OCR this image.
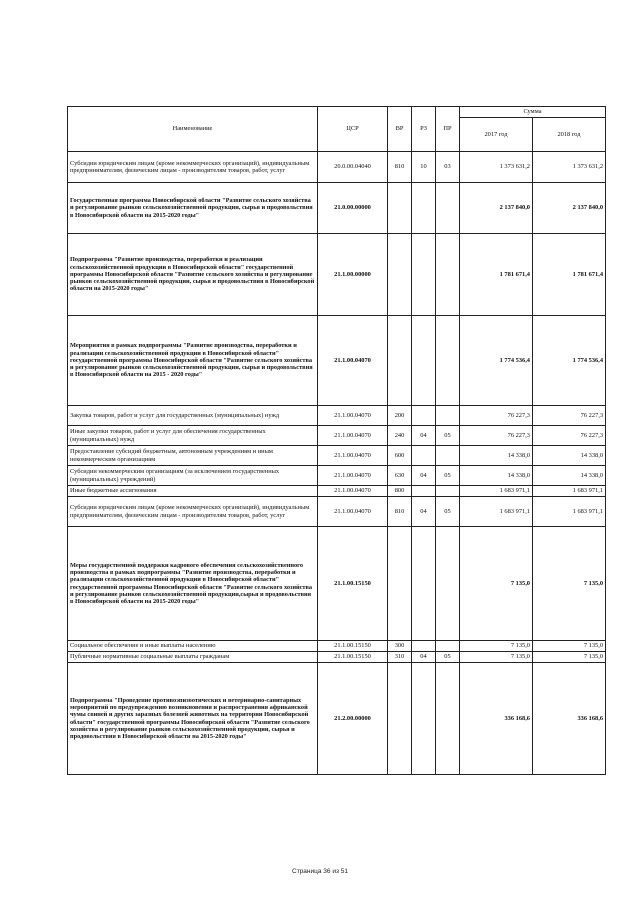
Наименование	ЦСР	ВР	РЗ	ПР	Сумма	
					2017 год	2018 год
Субсидии юридическим лицам (кроме некоммерческих организаций), индивидуальным предпринимателям, физическим лицам - производителям товаров, работ, услуг	20.0.00.04040	810	10	03	1 373 631,2	1 373 631,2
Государственная программа Новосибирской области "Развитие сельского хозяйства и регулирование рынков сельскохозяйственной продукции, сырья и продовольствия в Новосибирской области на 2015-2020 годы"	21.0.00.00000				2 137 840,0	2 137 840,0
Подпрограмма "Развитие производства, переработки и реализации сельскохозяйственной продукции в Новосибирской области" государственной программы Новосибирской области "Развитие сельского хозяйства и регулирование рынков сельскохозяйственной продукции, сырья и продовольствия в Новосибирской области на 2015-2020 годы"	21.1.00.00000				1 781 671,4	1 781 671,4
Мероприятия в рамках подпрограммы "Развитие производства, переработки и реализации сельскохозяйственной продукции в Новосибирской области" государственной программы Новосибирской области "Развитие сельского хозяйства и регулирование рынков сельскохозяйственной продукции, сырья и продовольствия в Новосибирской области на 2015 - 2020 годы"	21.1.00.04070				1 774 536,4	1 774 536,4
Закупка товаров, работ и услуг для государственных (муниципальных) нужд	21.1.00.04070	200			76 227,3	76 227,3
Иные закупки товаров, работ и услуг для обеспечения государственных (муниципальных) нужд	21.1.00.04070	240	04	05	76 227,3	76 227,3
Предоставление субсидий бюджетным, автономным учреждениям и иным некоммерческим организациям	21.1.00.04070	600			14 338,0	14 338,0
Субсидии некоммерческим организациям (за исключением государственных (муниципальных) учреждений)	21.1.00.04070	630	04	05	14 338,0	14 338,0
Иные бюджетные ассигнования	21.1.00.04070	800			1 683 971,1	1 683 971,1
Субсидии юридическим лицам (кроме некоммерческих организаций), индивидуальным предпринимателям, физическим лицам - производителям товаров, работ, услуг	21.1.00.04070	810	04	05	1 683 971,1	1 683 971,1
Меры государственной поддержки кадрового обеспечения сельскохозяйственного производства в рамках подпрограммы "Развитие производства, переработки и реализации сельскохозяйственной продукции в Новосибирской области" государственной программы Новосибирской области "Развитие сельского хозяйства и регулирование рынков сельскохозяйственной продукции,сырья и продовольствия в Новосибирской области на 2015-2020 годы"	21.1.00.15150				7 135,0	7 135,0
Социальное обеспечение и иные выплаты населению	21.1.00.15150	300			7 135,0	7 135,0
Публичные нормативные социальные выплаты гражданам	21.1.00.15150	310	04	05	7 135,0	7 135,0
Подпрограмма "Проведение противоэпизоотических и ветеринарно-санитарных мероприятий по предупреждению возникновения и распространения африканской чумы свиней и других заразных болезней животных на территории Новосибирской области" государственной программы Новосибирской области "Развитие сельского хозяйства и регулирование рынков сельскохозяйственной продукции, сырья и продовольствия в Новосибирской области на 2015-2020 годы"	21.2.00.00000				336 168,6	336 168,6
Страница 36 из 51
